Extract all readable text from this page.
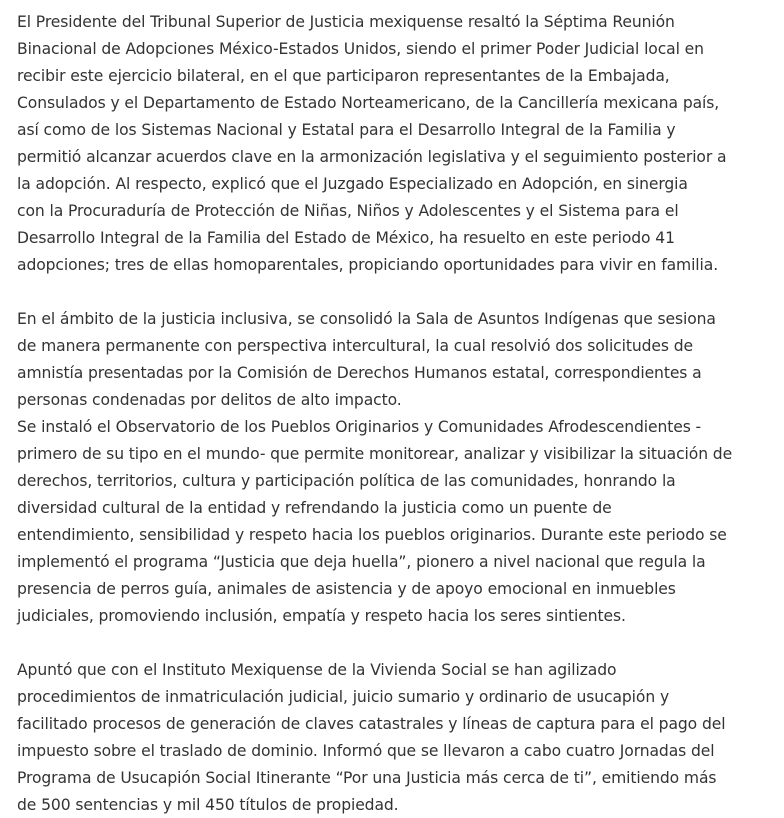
El Presidente del Tribunal Superior de Justicia mexiquense resaltó la Séptima Reunión
Binacional de Adopciones México-Estados Unidos, siendo el primer Poder Judicial local en
recibir este ejercicio bilateral, en el que participaron representantes de la Embajada,
Consulados y el Departamento de Estado Norteamericano, de la Cancillería mexicana país,
así como de los Sistemas Nacional y Estatal para el Desarrollo Integral de la Familia y
permitió alcanzar acuerdos clave en la armonización legislativa y el seguimiento posterior a
la adopción. Al respecto, explicó que el Juzgado Especializado en Adopción, en sinergia
con la Procuraduría de Protección de Niñas, Niños y Adolescentes y el Sistema para el
Desarrollo Integral de la Familia del Estado de México, ha resuelto en este periodo 41
adopciones; tres de ellas homoparentales, propiciando oportunidades para vivir en familia.

En el ámbito de la justicia inclusiva, se consolidó la Sala de Asuntos Indígenas que sesiona
de manera permanente con perspectiva intercultural, la cual resolvió dos solicitudes de
amnistía presentadas por la Comisión de Derechos Humanos estatal, correspondientes a
personas condenadas por delitos de alto impacto.
Se instaló el Observatorio de los Pueblos Originarios y Comunidades Afrodescendientes -
primero de su tipo en el mundo- que permite monitorear, analizar y visibilizar la situación de
derechos, territorios, cultura y participación política de las comunidades, honrando la
diversidad cultural de la entidad y refrendando la justicia como un puente de
entendimiento, sensibilidad y respeto hacia los pueblos originarios. Durante este periodo se
implementó el programa “Justicia que deja huella”, pionero a nivel nacional que regula la
presencia de perros guía, animales de asistencia y de apoyo emocional en inmuebles
judiciales, promoviendo inclusión, empatía y respeto hacia los seres sintientes.

Apuntó que con el Instituto Mexiquense de la Vivienda Social se han agilizado
procedimientos de inmatriculación judicial, juicio sumario y ordinario de usucapión y
facilitado procesos de generación de claves catastrales y líneas de captura para el pago del
impuesto sobre el traslado de dominio. Informó que se llevaron a cabo cuatro Jornadas del
Programa de Usucapión Social Itinerante “Por una Justicia más cerca de ti”, emitiendo más
de 500 sentencias y mil 450 títulos de propiedad.
